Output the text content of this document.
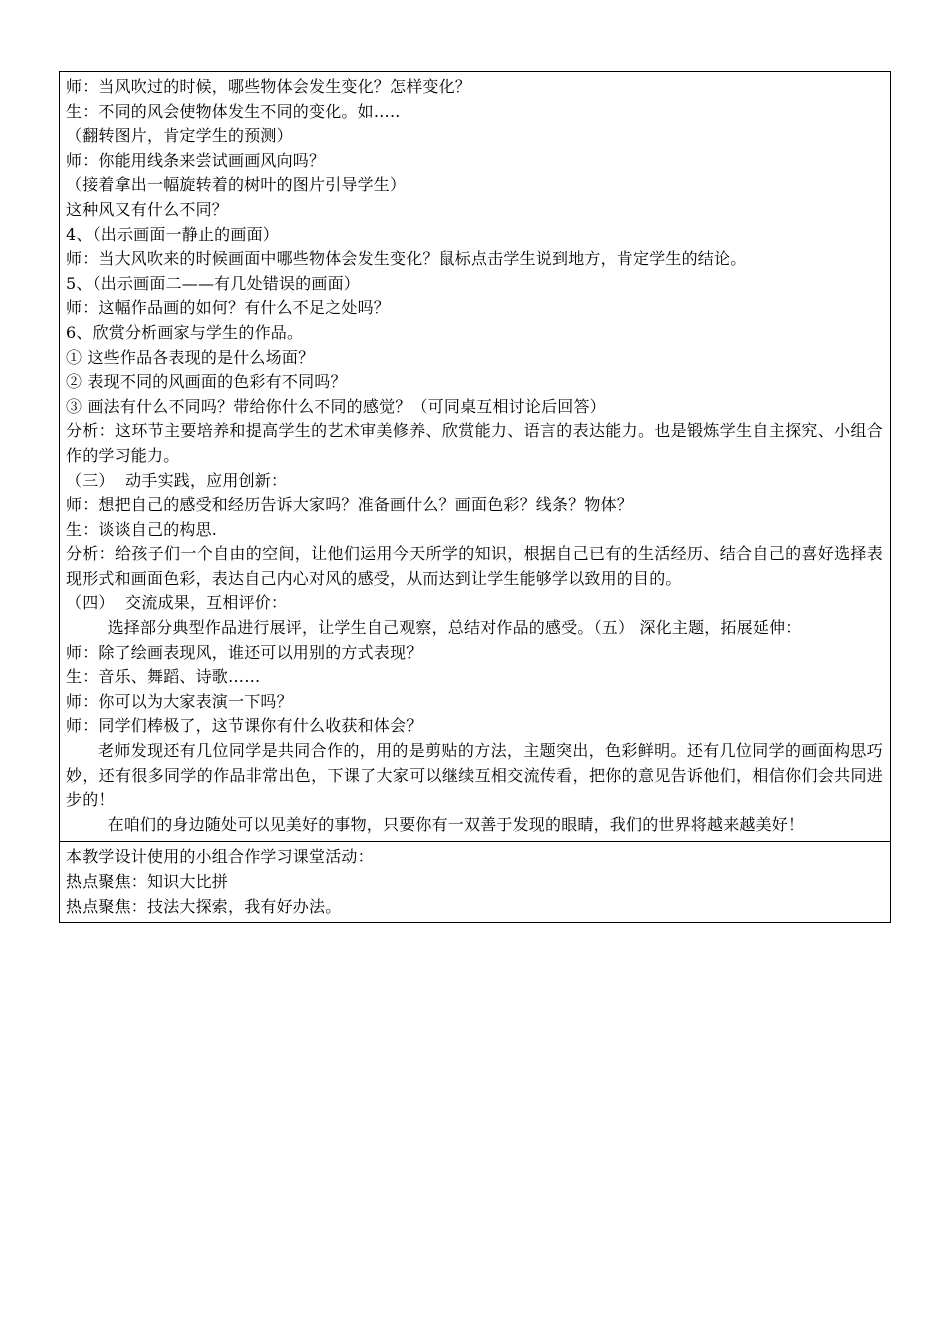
师：当风吹过的时候，哪些物体会发生变化？怎样变化？

生：不同的风会使物体发生不同的变化。如…..

（翻转图片，肯定学生的预测）

师：你能用线条来尝试画画风向吗？

（接着拿出一幅旋转着的树叶的图片引导学生）

这种风又有什么不同？

4、（出示画面一静止的画面）

师：当大风吹来的时候画面中哪些物体会发生变化？鼠标点击学生说到地方，肯定学生的结论。

5、（出示画面二——有几处错误的画面）

师：这幅作品画的如何？有什么不足之处吗？

6、欣赏分析画家与学生的作品。

① 这些作品各表现的是什么场面？

② 表现不同的风画面的色彩有不同吗？

③ 画法有什么不同吗？带给你什么不同的感觉？（可同桌互相讨论后回答）

分析：这环节主要培养和提高学生的艺术审美修养、欣赏能力、语言的表达能力。也是锻炼学生自主探究、小组合作的学习能力。

（三）  动手实践，应用创新：

师：想把自己的感受和经历告诉大家吗？准备画什么？画面色彩？线条？物体？

生：谈谈自己的构思.

分析：给孩子们一个自由的空间，让他们运用今天所学的知识，根据自己已有的生活经历、结合自己的喜好选择表现形式和画面色彩，表达自己内心对风的感受，从而达到让学生能够学以致用的目的。

（四）  交流成果，互相评价：

选择部分典型作品进行展评，让学生自己观察，总结对作品的感受。（五） 深化主题，拓展延伸：

师：除了绘画表现风，谁还可以用别的方式表现？

生：音乐、舞蹈、诗歌……

师：你可以为大家表演一下吗？

师：同学们棒极了，这节课你有什么收获和体会？

老师发现还有几位同学是共同合作的，用的是剪贴的方法，主题突出，色彩鲜明。还有几位同学的画面构思巧妙，还有很多同学的作品非常出色，下课了大家可以继续互相交流传看，把你的意见告诉他们，相信你们会共同进步的！

在咱们的身边随处可以见美好的事物，只要你有一双善于发现的眼睛，我们的世界将越来越美好！

本教学设计使用的小组合作学习课堂活动：

热点聚焦：知识大比拼

热点聚焦：技法大探索，我有好办法。
